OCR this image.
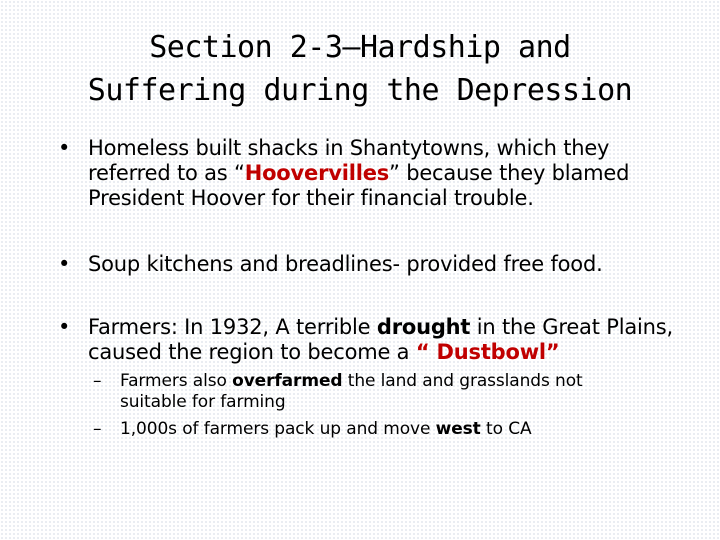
Section 2-3—Hardship and
Suffering during the Depression
• Homeless built shacks in Shantytowns, which they referred to as “Hoovervilles” because they blamed President Hoover for their financial trouble.
• Soup kitchens and breadlines- provided free food.
• Farmers: In 1932, A terrible drought in the Great Plains, caused the region to become a “ Dustbowl”
– Farmers also overfarmed the land and grasslands not suitable for farming
– 1,000s of farmers pack up and move west to CA
